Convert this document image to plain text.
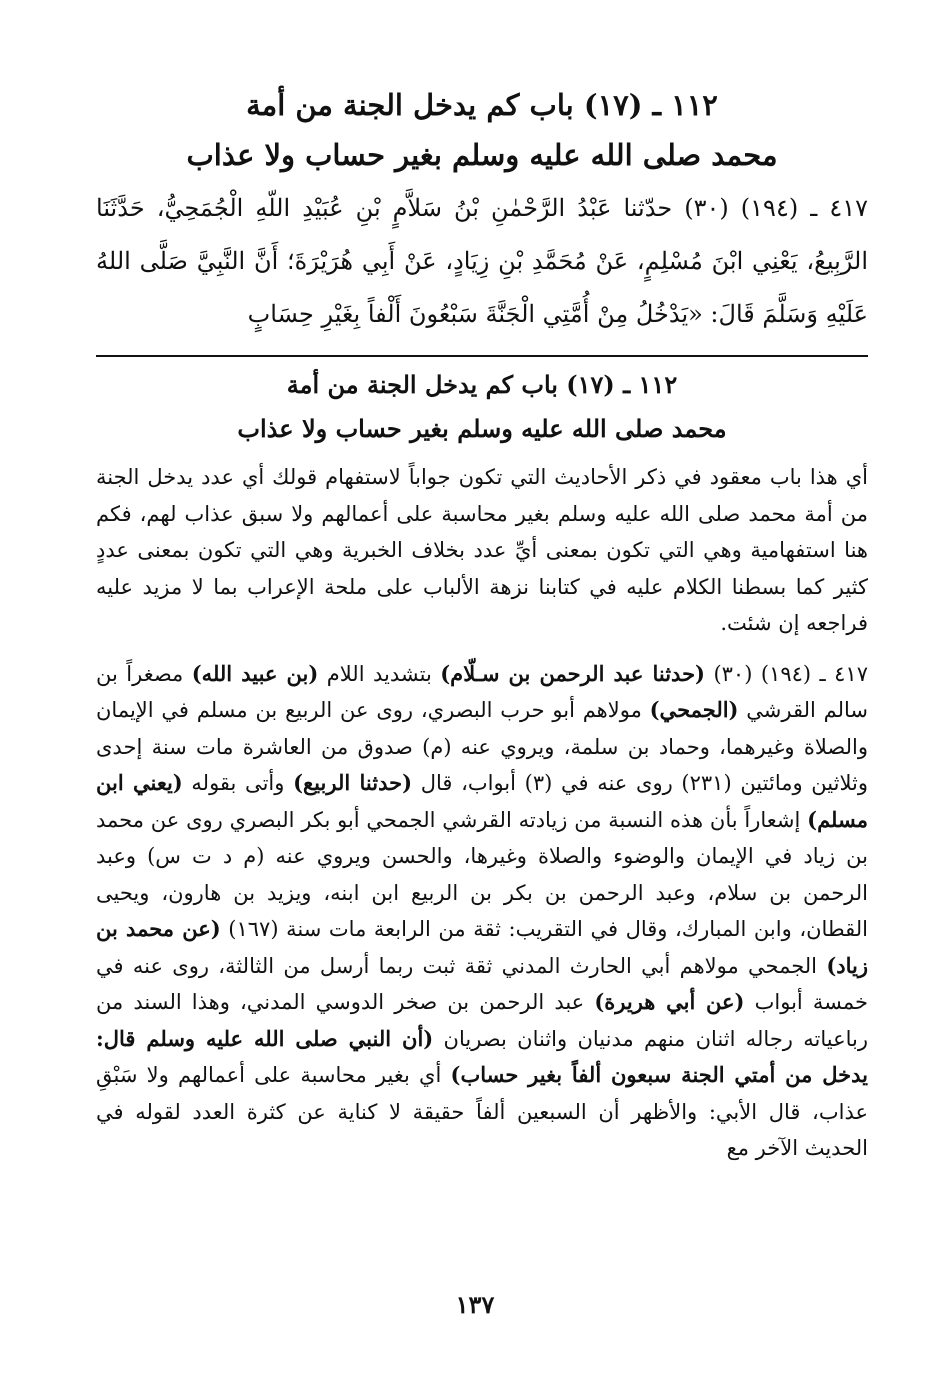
١١٢ ـ (١٧) باب كم يدخل الجنة من أمة
محمد صلى الله عليه وسلم بغير حساب ولا عذاب

٤١٧ ـ (١٩٤) (٣٠) حدّثنا عَبْدُ الرَّحْمٰنِ بْنُ سَلاَّمٍ بْنِ عُبَيْدِ اللّهِ الْجُمَحِيُّ، حَدَّثَنَا الرَّبِيعُ، يَعْنِي ابْنَ مُسْلِمٍ، عَنْ مُحَمَّدِ بْنِ زِيَادٍ، عَنْ أَبِي هُرَيْرَةَ؛ أَنَّ النَّبِيَّ صَلَّى اللهُ عَلَيْهِ وَسَلَّمَ قَالَ: «يَدْخُلُ مِنْ أُمَّتِي الْجَنَّةَ سَبْعُونَ أَلْفاً بِغَيْرِ حِسَابٍ

١١٢ ـ (١٧) باب كم يدخل الجنة من أمة
محمد صلى الله عليه وسلم بغير حساب ولا عذاب

أي هذا باب معقود في ذكر الأحاديث التي تكون جواباً لاستفهام قولك أي عدد يدخل الجنة من أمة محمد صلى الله عليه وسلم بغير محاسبة على أعمالهم ولا سبق عذاب لهم، فكم هنا استفهامية وهي التي تكون بمعنى أيِّ عدد بخلاف الخبرية وهي التي تكون بمعنى عددٍ كثير كما بسطنا الكلام عليه في كتابنا نزهة الألباب على ملحة الإعراب بما لا مزيد عليه فراجعه إن شئت.

٤١٧ ـ (١٩٤) (٣٠) (حدثنا عبد الرحمن بن سـلّام) بتشديد اللام (بن عبيد الله) مصغراً بن سالم القرشي (الجمحي) مولاهم أبو حرب البصري، روى عن الربيع بن مسلم في الإيمان والصلاة وغيرهما، وحماد بن سلمة، ويروي عنه (م) صدوق من العاشرة مات سنة إحدى وثلاثين ومائتين (٢٣١) روى عنه في (٣) أبواب، قال (حدثنا الربيع) وأتى بقوله (يعني ابن مسلم) إشعاراً بأن هذه النسبة من زيادته القرشي الجمحي أبو بكر البصري روى عن محمد بن زياد في الإيمان والوضوء والصلاة وغيرها، والحسن ويروي عنه (م د ت س) وعبد الرحمن بن سلام، وعبد الرحمن بن بكر بن الربيع ابن ابنه، ويزيد بن هارون، ويحيى القطان، وابن المبارك، وقال في التقريب: ثقة من الرابعة مات سنة (١٦٧) (عن محمد بن زياد) الجمحي مولاهم أبي الحارث المدني ثقة ثبت ربما أرسل من الثالثة، روى عنه في خمسة أبواب (عن أبي هريرة) عبد الرحمن بن صخر الدوسي المدني، وهذا السند من رباعياته رجاله اثنان منهم مدنيان واثنان بصريان (أن النبي صلى الله عليه وسلم قال: يدخل من أمتي الجنة سبعون ألفاً بغير حساب) أي بغير محاسبة على أعمالهم ولا سَبْقِ عذاب، قال الأبي: والأظهر أن السبعين ألفاً حقيقة لا كناية عن كثرة العدد لقوله في الحديث الآخر مع

١٣٧
